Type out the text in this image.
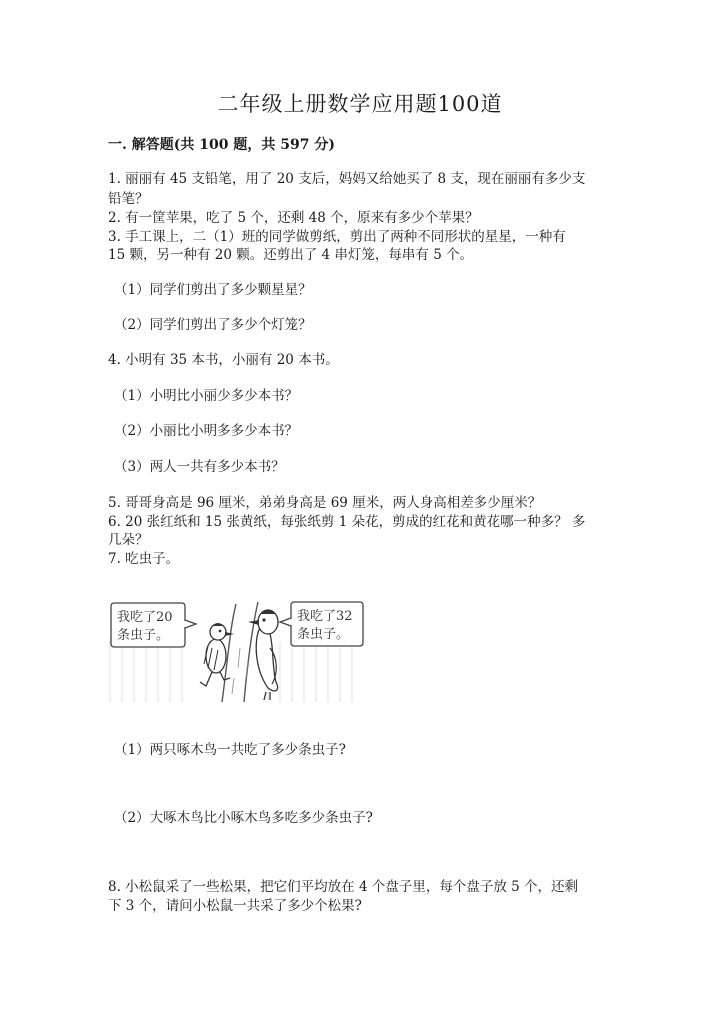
二年级上册数学应用题100道
一. 解答题(共 100 题，共 597 分)
1. 丽丽有 45 支铅笔，用了 20 支后，妈妈又给她买了 8 支，现在丽丽有多少支
铅笔？
2. 有一筐苹果，吃了 5 个，还剩 48 个，原来有多少个苹果？
3. 手工课上，二（1）班的同学做剪纸，剪出了两种不同形状的星星，一种有
15 颗，另一种有 20 颗。还剪出了 4 串灯笼，每串有 5 个。
（1）同学们剪出了多少颗星星？
（2）同学们剪出了多少个灯笼？
4. 小明有 35 本书，小丽有 20 本书。
（1）小明比小丽少多少本书？
（2）小丽比小明多多少本书？
（3）两人一共有多少本书？
5. 哥哥身高是 96 厘米，弟弟身高是 69 厘米，两人身高相差多少厘米？
6. 20 张红纸和 15 张黄纸，每张纸剪 1 朵花，剪成的红花和黄花哪一种多？ 多
几朵？
7. 吃虫子。
我吃了20
条虫子。
我吃了32
条虫子。
（1）两只啄木鸟一共吃了多少条虫子?
（2）大啄木鸟比小啄木鸟多吃多少条虫子?
8. 小松鼠采了一些松果，把它们平均放在 4 个盘子里，每个盘子放 5 个，还剩
下 3 个，请问小松鼠一共采了多少个松果?
